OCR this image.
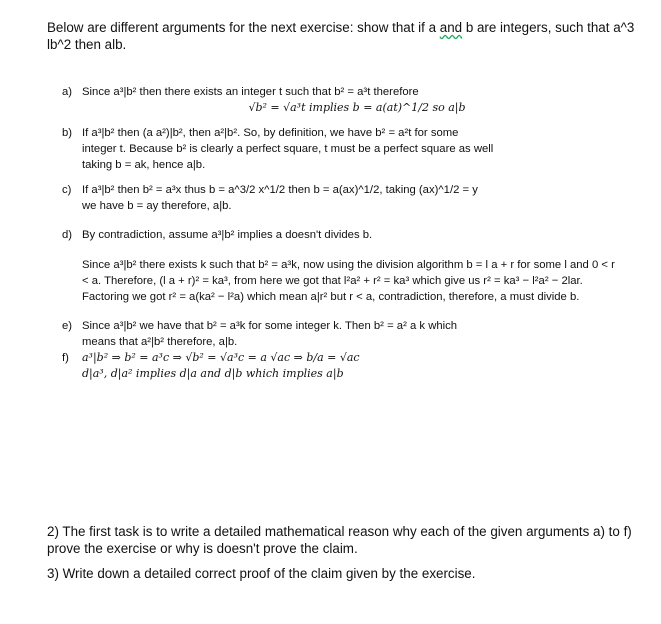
Below are different arguments for the next exercise: show that if a and b are integers, such that a^3 lb^2 then alb.
a) Since a³|b² then there exists an integer t such that b² = a³t therefore
√b² = √a³t implies b = a(at)^1/2 so a|b
b) If a³|b² then (a a²)|b², then a²|b². So, by definition, we have b² = a²t for some
integer t. Because b² is clearly a perfect square, t must be a perfect square as well
taking b = ak, hence a|b.
c) If a³|b² then b² = a³x thus b = a^3/2 x^1/2 then b = a(ax)^1/2, taking (ax)^1/2 = y
we have b = ay therefore, a|b.
d) By contradiction, assume a³|b² implies a doesn't divides b.
Since a³|b² there exists k such that b² = a³k, now using the division algorithm b = l a + r for some l and 0 < r < a. Therefore, (l a + r)² = ka³, from here we got that l²a² + r² = ka³ which give us r² = ka³ − l²a² − 2lar.
Factoring we got r² = a(ka² − l²a) which mean a|r² but r < a, contradiction, therefore, a must divide b.
e) Since a³|b² we have that b² = a³k for some integer k. Then b² = a² a k which
means that a²|b² therefore, a|b.
f)	a³|b² ⇒ b² = a³c ⇒ √b² = √a³c = a √ac ⇒ b/a = √ac
d|a³, d|a² implies d|a and d|b which implies a|b

2) The first task is to write a detailed mathematical reason why each of the given arguments a) to f) prove the exercise or why is doesn't prove the claim.

3) Write down a detailed correct proof of the claim given by the exercise.
